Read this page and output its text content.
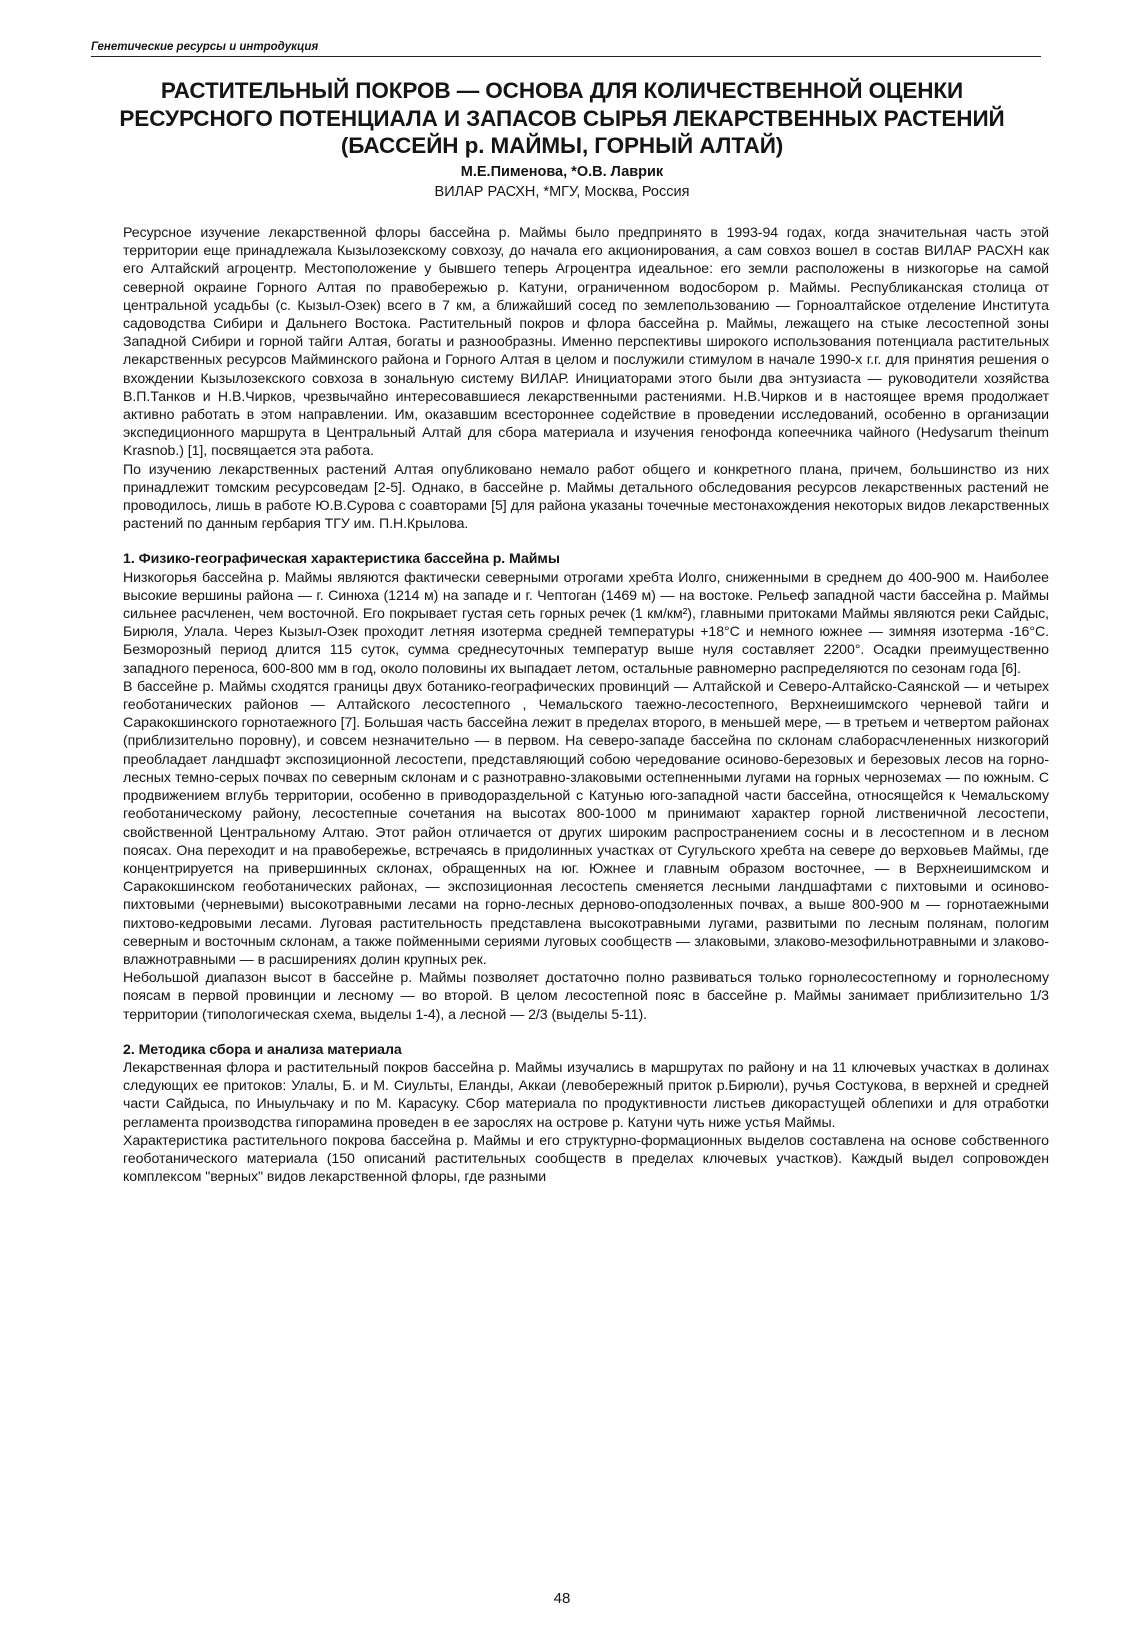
Генетические ресурсы и интродукция
РАСТИТЕЛЬНЫЙ ПОКРОВ — ОСНОВА ДЛЯ КОЛИЧЕСТВЕННОЙ ОЦЕНКИ
РЕСУРСНОГО ПОТЕНЦИАЛА И ЗАПАСОВ СЫРЬЯ ЛЕКАРСТВЕННЫХ РАСТЕНИЙ
(БАССЕЙН р. МАЙМЫ, ГОРНЫЙ АЛТАЙ)
М.Е.Пименова, *О.В. Лаврик
ВИЛАР РАСХН, *МГУ, Москва, Россия

Ресурсное изучение лекарственной флоры бассейна р. Маймы было предпринято в 1993-94 годах, когда значительная часть этой территории еще принадлежала Кызылозекскому совхозу, до начала его акционирования, а сам совхоз вошел в состав ВИЛАР РАСХН как его Алтайский агроцентр. Местоположение у бывшего теперь Агроцентра идеальное: его земли расположены в низкогорье на самой северной окраине Горного Алтая по правобережью р. Катуни, ограниченном водосбором р. Маймы. Республиканская столица от центральной усадьбы (с. Кызыл-Озек) всего в 7 км, а ближайший сосед по землепользованию — Горноалтайское отделение Института садоводства Сибири и Дальнего Востока. Растительный покров и флора бассейна р. Маймы, лежащего на стыке лесостепной зоны Западной Сибири и горной тайги Алтая, богаты и разнообразны. Именно перспективы широкого использования потенциала растительных лекарственных ресурсов Майминского района и Горного Алтая в целом и послужили стимулом в начале 1990-х г.г. для принятия решения о вхождении Кызылозекского совхоза в зональную систему ВИЛАР. Инициаторами этого были два энтузиаста — руководители хозяйства В.П.Танков и Н.В.Чирков, чрезвычайно интересовавшиеся лекарственными растениями. Н.В.Чирков и в настоящее время продолжает активно работать в этом направлении. Им, оказавшим всестороннее содействие в проведении исследований, особенно в организации экспедиционного маршрута в Центральный Алтай для сбора материала и изучения генофонда копеечника чайного (Hedysarum theinum Krasnob.) [1], посвящается эта работа.

По изучению лекарственных растений Алтая опубликовано немало работ общего и конкретного плана, причем, большинство из них принадлежит томским ресурсоведам [2-5]. Однако, в бассейне р. Маймы детального обследования ресурсов лекарственных растений не проводилось, лишь в работе Ю.В.Сурова с соавторами [5] для района указаны точечные местонахождения некоторых видов лекарственных растений по данным гербария ТГУ им. П.Н.Крылова.

1. Физико-географическая характеристика бассейна р. Маймы

Низкогорья бассейна р. Маймы являются фактически северными отрогами хребта Иолго, сниженными в среднем до 400-900 м. Наиболее высокие вершины района — г. Синюха (1214 м) на западе и г. Чептоган (1469 м) — на востоке. Рельеф западной части бассейна р. Маймы сильнее расчленен, чем восточной. Его покрывает густая сеть горных речек (1 км/км²), главными притоками Маймы являются реки Сайдыс, Бирюля, Улала. Через Кызыл-Озек проходит летняя изотерма средней температуры +18°С и немного южнее — зимняя изотерма -16°С. Безморозный период длится 115 суток, сумма среднесуточных температур выше нуля составляет 2200°. Осадки преимущественно западного переноса, 600-800 мм в год, около половины их выпадает летом, остальные равномерно распределяются по сезонам года [6].

В бассейне р. Маймы сходятся границы двух ботанико-географических провинций — Алтайской и Северо-Алтайско-Саянской — и четырех геоботанических районов — Алтайского лесостепного , Чемальского таежно-лесостепного, Верхнеишимского черневой тайги и Саракокшинского горнотаежного [7]. Большая часть бассейна лежит в пределах второго, в меньшей мере, — в третьем и четвертом районах (приблизительно поровну), и совсем незначительно — в первом. На северо-западе бассейна по склонам слаборасчлененных низкогорий преобладает ландшафт экспозиционной лесостепи, представляющий собою чередование осиново-березовых и березовых лесов на горно-лесных темно-серых почвах по северным склонам и с разнотравно-злаковыми остепненными лугами на горных черноземах — по южным. С продвижением вглубь территории, особенно в приводораздельной с Катунью юго-западной части бассейна, относящейся к Чемальскому геоботаническому району, лесостепные сочетания на высотах 800-1000 м принимают характер горной лиственичной лесостепи, свойственной Центральному Алтаю. Этот район отличается от других широким распространением сосны и в лесостепном и в лесном поясах. Она переходит и на правобережье, встречаясь в придолинных участках от Сугульского хребта на севере до верховьев Маймы, где концентрируется на привершинных склонах, обращенных на юг. Южнее и главным образом восточнее, — в Верхнеишимском и Саракокшинском геоботанических районах, — экспозиционная лесостепь сменяется лесными ландшафтами с пихтовыми и осиново-пихтовыми (черневыми) высокотравными лесами на горно-лесных дерново-оподзоленных почвах, а выше 800-900 м — горнотаежными пихтово-кедровыми лесами. Луговая растительность представлена высокотравными лугами, развитыми по лесным полянам, пологим северным и восточным склонам, а также пойменными сериями луговых сообществ — злаковыми, злаково-мезофильнотравными и злаково-влажнотравными — в расширениях долин крупных рек.

Небольшой диапазон высот в бассейне р. Маймы позволяет достаточно полно развиваться только горнолесостепному и горнолесному поясам в первой провинции и лесному — во второй. В целом лесостепной пояс в бассейне р. Маймы занимает приблизительно 1/3 территории (типологическая схема, выделы 1-4), а лесной — 2/3 (выделы 5-11).

2. Методика сбора и анализа материала

Лекарственная флора и растительный покров бассейна р. Маймы изучались в маршрутах по району и на 11 ключевых участках в долинах следующих ее притоков: Улалы, Б. и М. Сиульты, Еланды, Аккаи (левобережный приток р.Бирюли), ручья Состукова, в верхней и средней части Сайдыса, по Иныульчаку и по М. Карасуку. Сбор материала по продуктивности листьев дикорастущей облепихи и для отработки регламента производства гипорамина проведен в ее зарослях на острове р. Катуни чуть ниже устья Маймы.

Характеристика растительного покрова бассейна р. Маймы и его структурно-формационных выделов составлена на основе собственного геоботанического материала (150 описаний растительных сообществ в пределах ключевых участков). Каждый выдел сопровожден комплексом "верных" видов лекарственной флоры, где разными

48
